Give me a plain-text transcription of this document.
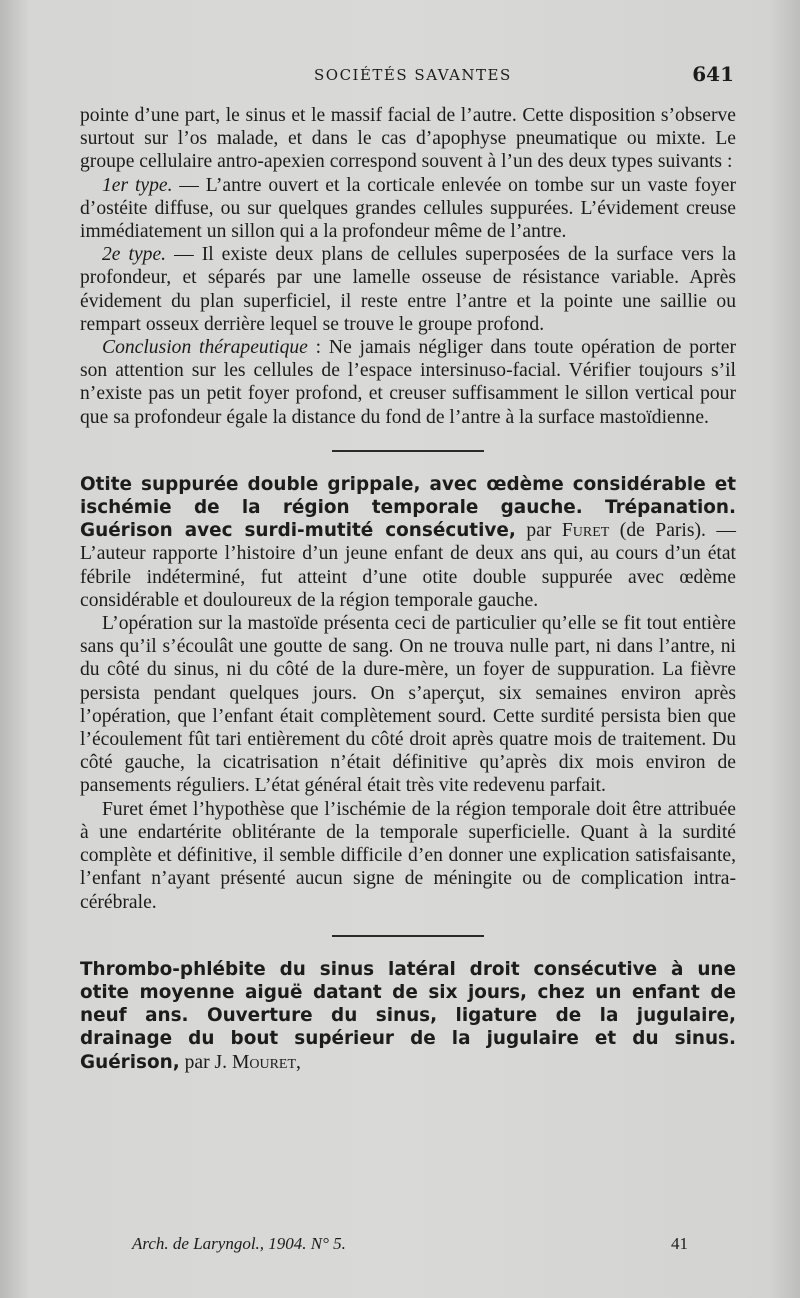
SOCIÉTÉS SAVANTES	641

pointe d’une part, le sinus et le massif facial de l’autre. Cette disposition s’observe surtout sur l’os malade, et dans le cas d’apophyse pneumatique ou mixte. Le groupe cellulaire antro-apexien correspond souvent à l’un des deux types suivants :

1er type. — L’antre ouvert et la corticale enlevée on tombe sur un vaste foyer d’ostéite diffuse, ou sur quelques grandes cellules suppurées. L’évidement creuse immédiatement un sillon qui a la profondeur même de l’antre.

2e type. — Il existe deux plans de cellules superposées de la surface vers la profondeur, et séparés par une lamelle osseuse de résistance variable. Après évidement du plan superficiel, il reste entre l’antre et la pointe une saillie ou rempart osseux derrière lequel se trouve le groupe profond.

Conclusion thérapeutique : Ne jamais négliger dans toute opération de porter son attention sur les cellules de l’espace intersinuso-facial. Vérifier toujours s’il n’existe pas un petit foyer profond, et creuser suffisamment le sillon vertical pour que sa profondeur égale la distance du fond de l’antre à la surface mastoïdienne.

Otite suppurée double grippale, avec œdème considérable et ischémie de la région temporale gauche. Trépanation. Guérison avec surdi-mutité consécutive, par Furet (de Paris). — L’auteur rapporte l’histoire d’un jeune enfant de deux ans qui, au cours d’un état fébrile indéterminé, fut atteint d’une otite double suppurée avec œdème considérable et douloureux de la région temporale gauche.

L’opération sur la mastoïde présenta ceci de particulier qu’elle se fit tout entière sans qu’il s’écoulât une goutte de sang. On ne trouva nulle part, ni dans l’antre, ni du côté du sinus, ni du côté de la dure-mère, un foyer de suppuration. La fièvre persista pendant quelques jours. On s’aperçut, six semaines environ après l’opération, que l’enfant était complètement sourd. Cette surdité persista bien que l’écoulement fût tari entièrement du côté droit après quatre mois de traitement. Du côté gauche, la cicatrisation n’était définitive qu’après dix mois environ de pansements réguliers. L’état général était très vite redevenu parfait.

Furet émet l’hypothèse que l’ischémie de la région temporale doit être attribuée à une endartérite oblitérante de la temporale superficielle. Quant à la surdité complète et définitive, il semble difficile d’en donner une explication satisfaisante, l’enfant n’ayant présenté aucun signe de méningite ou de complication intra-cérébrale.

Thrombo-phlébite du sinus latéral droit consécutive à une otite moyenne aiguë datant de six jours, chez un enfant de neuf ans. Ouverture du sinus, ligature de la jugulaire, drainage du bout supérieur de la jugulaire et du sinus. Guérison, par J. Mouret,

Arch. de Laryngol., 1904. N° 5.	41
